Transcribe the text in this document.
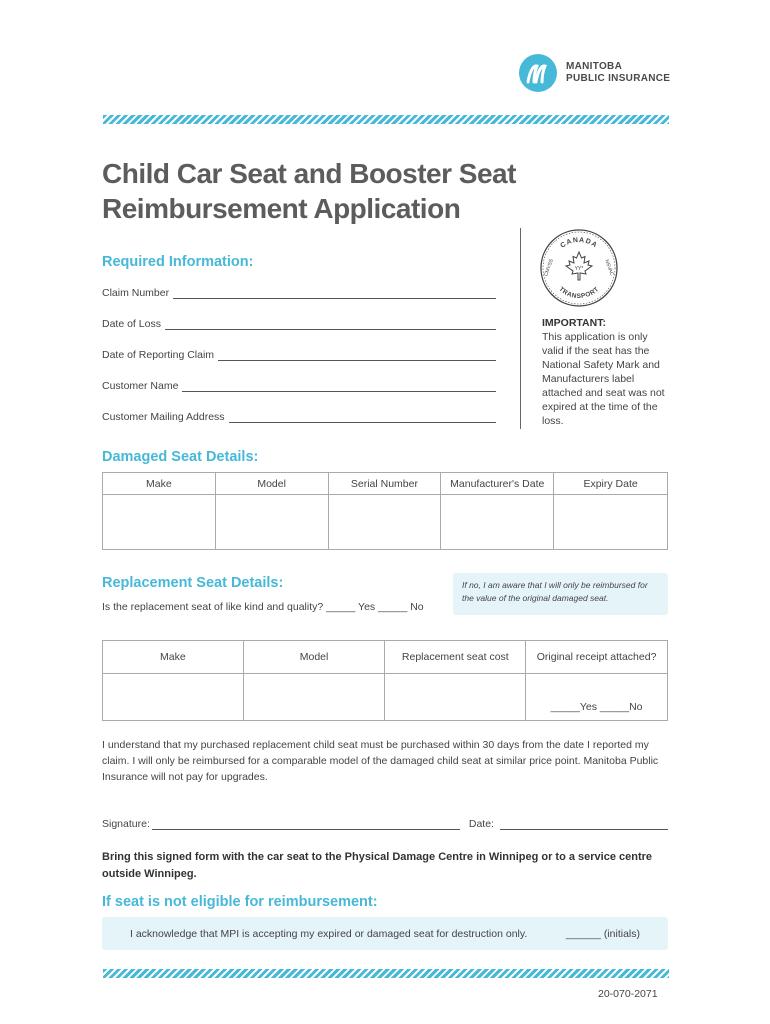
MANITOBA
PUBLIC INSURANCE
Child Car Seat and Booster Seat
Reimbursement Application
Required Information:
Claim Number
Date of Loss
Date of Reporting Claim
Customer Name
Customer Mailing Address
CANADA
TRANSPORT
CMVSS	NSVAC
YY*
IMPORTANT:
This application is only valid if the seat has the National Safety Mark and Manufacturers label attached and seat was not expired at the time of the loss.
Damaged Seat Details:
Make	Model	Serial Number	Manufacturer's Date	Expiry Date

Replacement Seat Details:
Is the replacement seat of like kind and quality? _____ Yes _____ No
If no, I am aware that I will only be reimbursed for the value of the original damaged seat.
Make	Model	Replacement seat cost	Original receipt attached?
			_____Yes _____No
I understand that my purchased replacement child seat must be purchased within 30 days from the date I reported my claim. I will only be reimbursed for a comparable model of the damaged child seat at similar price point. Manitoba Public Insurance will not pay for upgrades.
Signature:	Date:
Bring this signed form with the car seat to the Physical Damage Centre in Winnipeg or to a service centre outside Winnipeg.
If seat is not eligible for reimbursement:
I acknowledge that MPI is accepting my expired or damaged seat for destruction only.	______ (initials)
20-070-2071
